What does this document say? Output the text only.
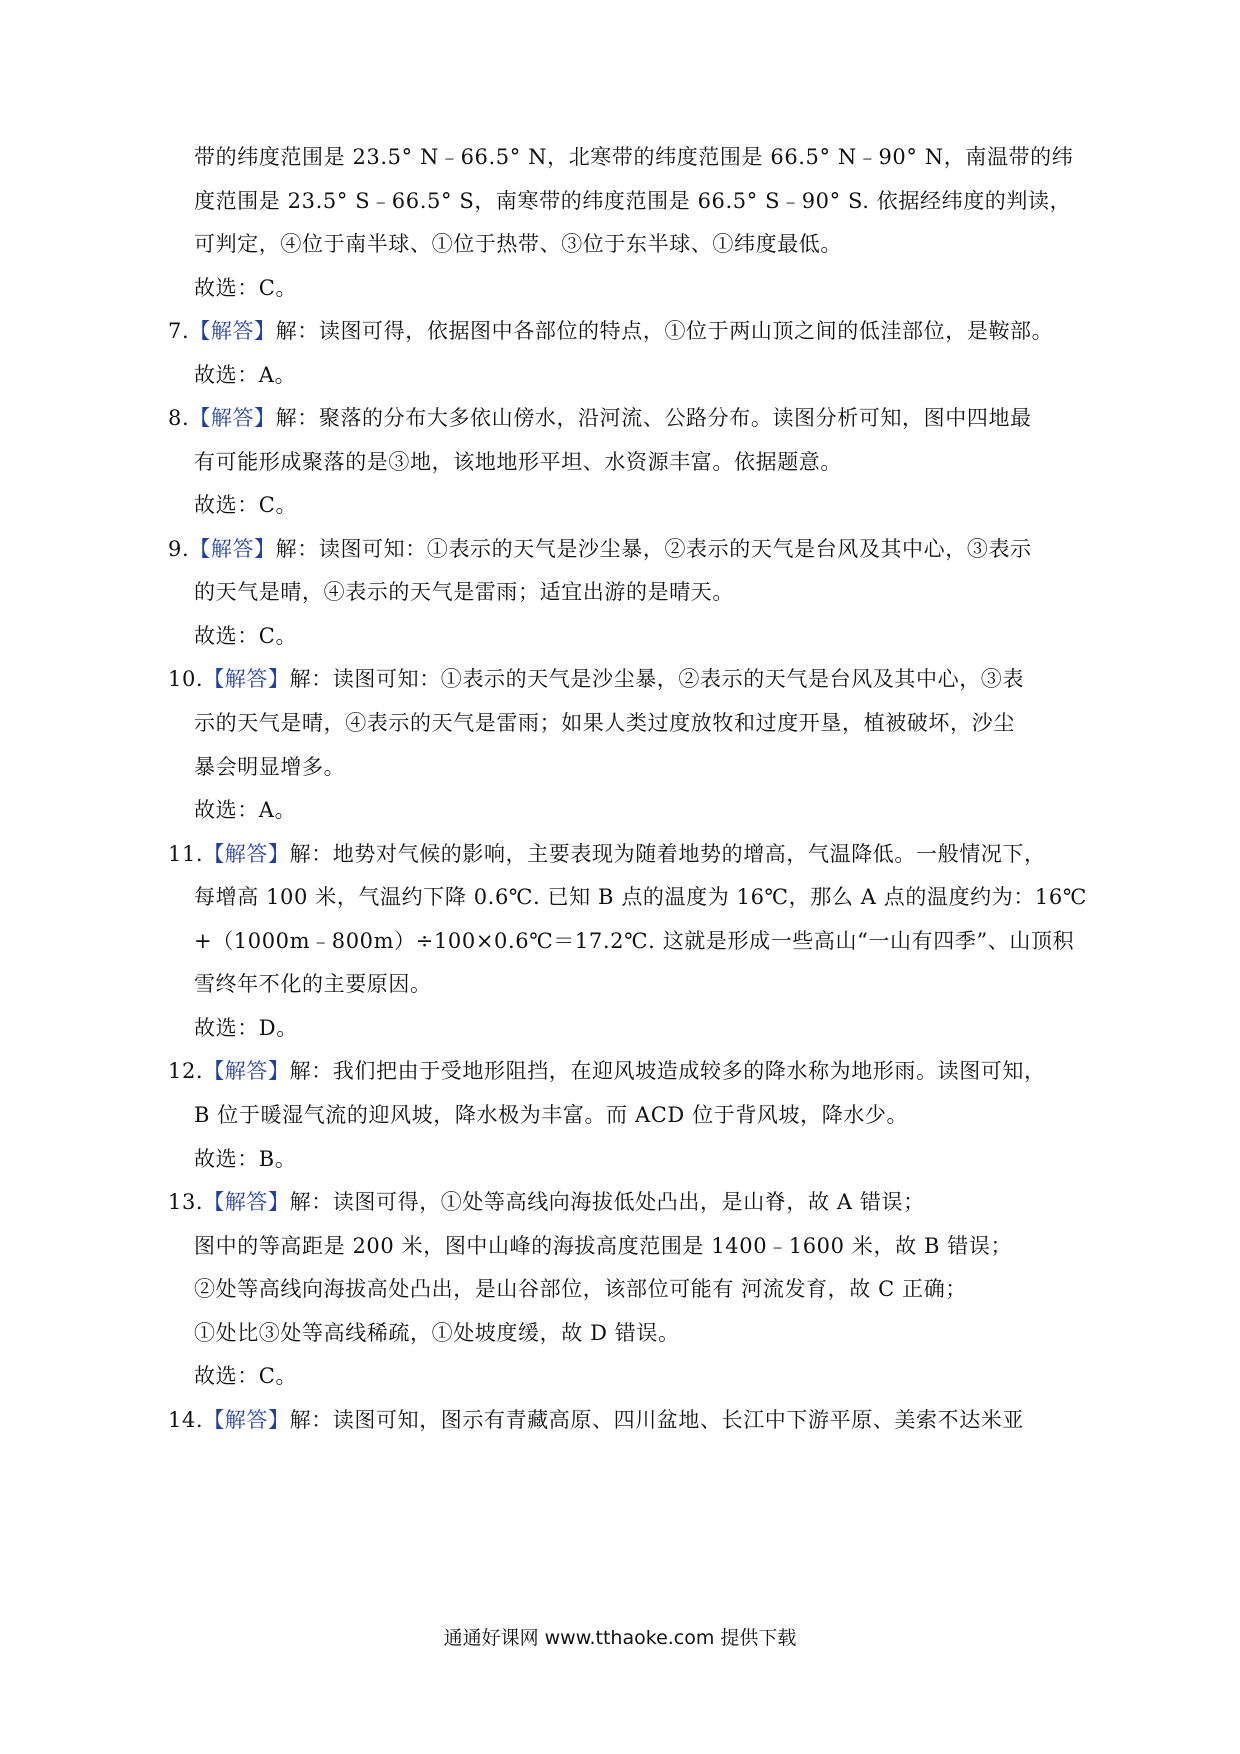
带的纬度范围是 23.5° N﹣66.5° N，北寒带的纬度范围是 66.5° N﹣90° N，南温带的纬
度范围是 23.5° S﹣66.5° S，南寒带的纬度范围是 66.5° S﹣90° S. 依据经纬度的判读，
可判定，④位于南半球、①位于热带、③位于东半球、①纬度最低。
故选：C。
7.【解答】解：读图可得，依据图中各部位的特点，①位于两山顶之间的低洼部位，是鞍部。
故选：A。
8.【解答】解：聚落的分布大多依山傍水，沿河流、公路分布。读图分析可知，图中四地最
有可能形成聚落的是③地，该地地形平坦、水资源丰富。依据题意。
故选：C。
9.【解答】解：读图可知：①表示的天气是沙尘暴，②表示的天气是台风及其中心，③表示
的天气是晴，④表示的天气是雷雨；适宜出游的是晴天。
故选：C。
10.【解答】解：读图可知：①表示的天气是沙尘暴，②表示的天气是台风及其中心，③表
示的天气是晴，④表示的天气是雷雨；如果人类过度放牧和过度开垦，植被破坏，沙尘
暴会明显增多。
故选：A。
11.【解答】解：地势对气候的影响，主要表现为随着地势的增高，气温降低。一般情况下，
每增高 100 米，气温约下降 0.6℃. 已知 B 点的温度为 16℃，那么 A 点的温度约为：16℃
+（1000m﹣800m）÷100×0.6℃＝17.2℃. 这就是形成一些高山“一山有四季”、山顶积
雪终年不化的主要原因。
故选：D。
12.【解答】解：我们把由于受地形阻挡，在迎风坡造成较多的降水称为地形雨。读图可知，
B 位于暖湿气流的迎风坡，降水极为丰富。而 ACD 位于背风坡，降水少。
故选：B。
13.【解答】解：读图可得，①处等高线向海拔低处凸出，是山脊，故 A 错误；
图中的等高距是 200 米，图中山峰的海拔高度范围是 1400﹣1600 米，故 B 错误；
②处等高线向海拔高处凸出，是山谷部位，该部位可能有 河流发育，故 C 正确；
①处比③处等高线稀疏，①处坡度缓，故 D 错误。
故选：C。
14.【解答】解：读图可知，图示有青藏高原、四川盆地、长江中下游平原、美索不达米亚
通通好课网 www.tthaoke.com 提供下载
